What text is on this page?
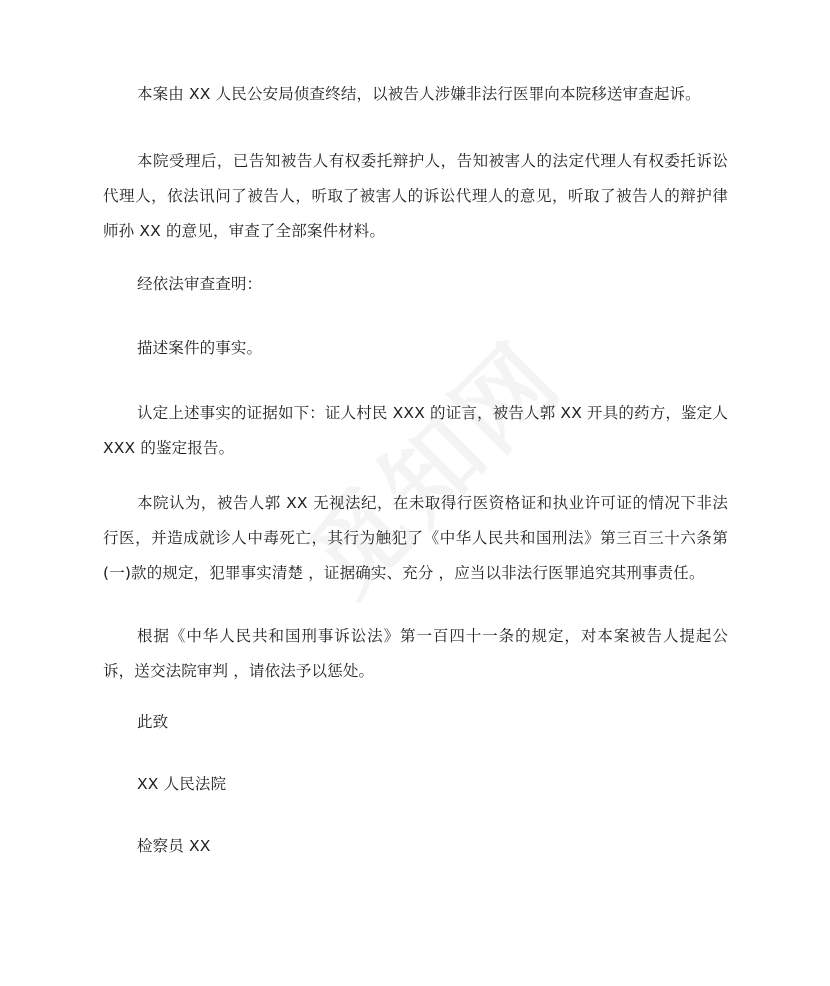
本案由 XX 人民公安局侦查终结，以被告人涉嫌非法行医罪向本院移送审查起诉。

本院受理后，已告知被告人有权委托辩护人，告知被害人的法定代理人有权委托诉讼代理人，依法讯问了被告人，听取了被害人的诉讼代理人的意见，听取了被告人的辩护律师孙 XX 的意见，审查了全部案件材料。

经依法审查查明：

描述案件的事实。

认定上述事实的证据如下：证人村民 XXX 的证言，被告人郭 XX 开具的药方，鉴定人 XXX 的鉴定报告。

本院认为，被告人郭 XX 无视法纪，在未取得行医资格证和执业许可证的情况下非法行医，并造成就诊人中毒死亡，其行为触犯了《中华人民共和国刑法》第三百三十六条第(一)款的规定，犯罪事实清楚 ，证据确实、充分 ，应当以非法行医罪追究其刑事责任。

根据《中华人民共和国刑事诉讼法》第一百四十一条的规定，对本案被告人提起公诉，送交法院审判 ，请依法予以惩处。

此致

XX 人民法院

检察员 XX
